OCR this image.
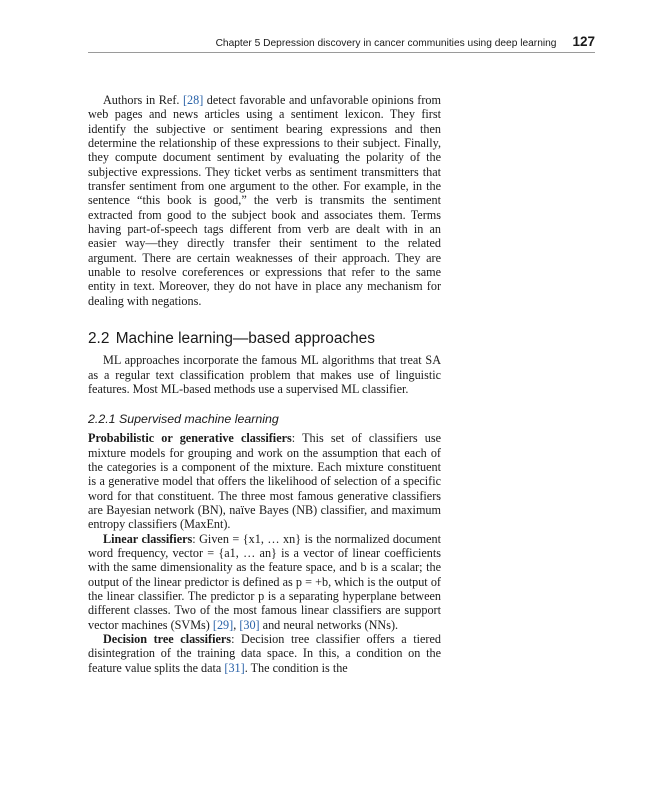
Chapter 5 Depression discovery in cancer communities using deep learning 127

Authors in Ref. [28] detect favorable and unfavorable opinions from web pages and news articles using a sentiment lexicon. They first identify the subjective or sentiment bearing expressions and then determine the relationship of these expressions to their subject. Finally, they compute document sentiment by evaluating the polarity of the subjective expressions. They ticket verbs as sentiment transmitters that transfer sentiment from one argument to the other. For example, in the sentence “this book is good,” the verb is transmits the sentiment extracted from good to the subject book and associates them. Terms having part-of-speech tags different from verb are dealt with in an easier way—they directly transfer their sentiment to the related argument. There are certain weaknesses of their approach. They are unable to resolve coreferences or expressions that refer to the same entity in text. Moreover, they do not have in place any mechanism for dealing with negations.

2.2 Machine learning—based approaches

ML approaches incorporate the famous ML algorithms that treat SA as a regular text classification problem that makes use of linguistic features. Most ML-based methods use a supervised ML classifier.

2.2.1 Supervised machine learning

Probabilistic or generative classifiers: This set of classifiers use mixture models for grouping and work on the assumption that each of the categories is a component of the mixture. Each mixture constituent is a generative model that offers the likelihood of selection of a specific word for that constituent. The three most famous generative classifiers are Bayesian network (BN), naïve Bayes (NB) classifier, and maximum entropy classifiers (MaxEnt).

Linear classifiers: Given = {x1, … xn} is the normalized document word frequency, vector = {a1, … an} is a vector of linear coefficients with the same dimensionality as the feature space, and b is a scalar; the output of the linear predictor is defined as p = +b, which is the output of the linear classifier. The predictor p is a separating hyperplane between different classes. Two of the most famous linear classifiers are support vector machines (SVMs) [29], [30] and neural networks (NNs).

Decision tree classifiers: Decision tree classifier offers a tiered disintegration of the training data space. In this, a condition on the feature value splits the data [31]. The condition is the
